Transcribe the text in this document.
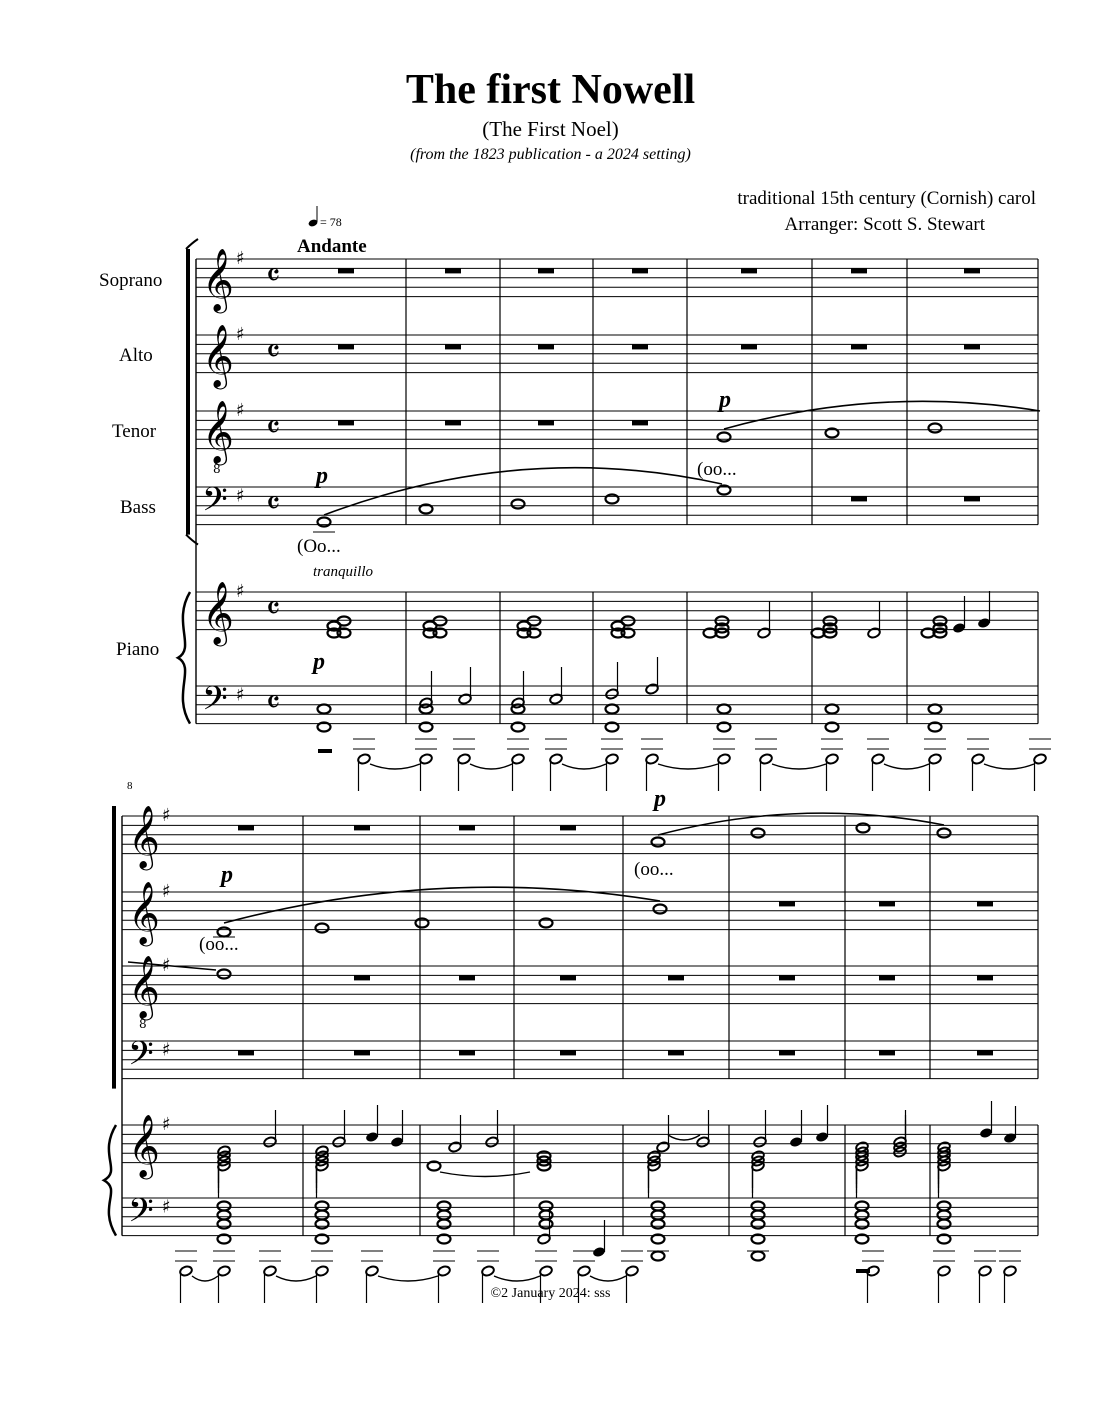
The first Nowell
(The First Noel)
(from the 1823 publication - a 2024 setting)
traditional 15th century (Cornish) carol
Arranger: Scott S. Stewart
𝄞 ♯ 𝄴
𝄞 ♯ 𝄴
𝄞 ♯ 𝄴
𝄞 ♯ 𝄴
𝄢 ♯ 𝄴
𝄢 ♯ 𝄴
8
𝄞 ♯
𝄞 ♯
𝄞 ♯
𝄞 ♯
𝄢 ♯
𝄢 ♯
8
Andante
= 78
Soprano
Alto
Tenor
Bass
Piano
8
p
p
p
p
p
tranquillo
(Oo...
(oo...
(oo...
(oo...
©2 January 2024: sss
